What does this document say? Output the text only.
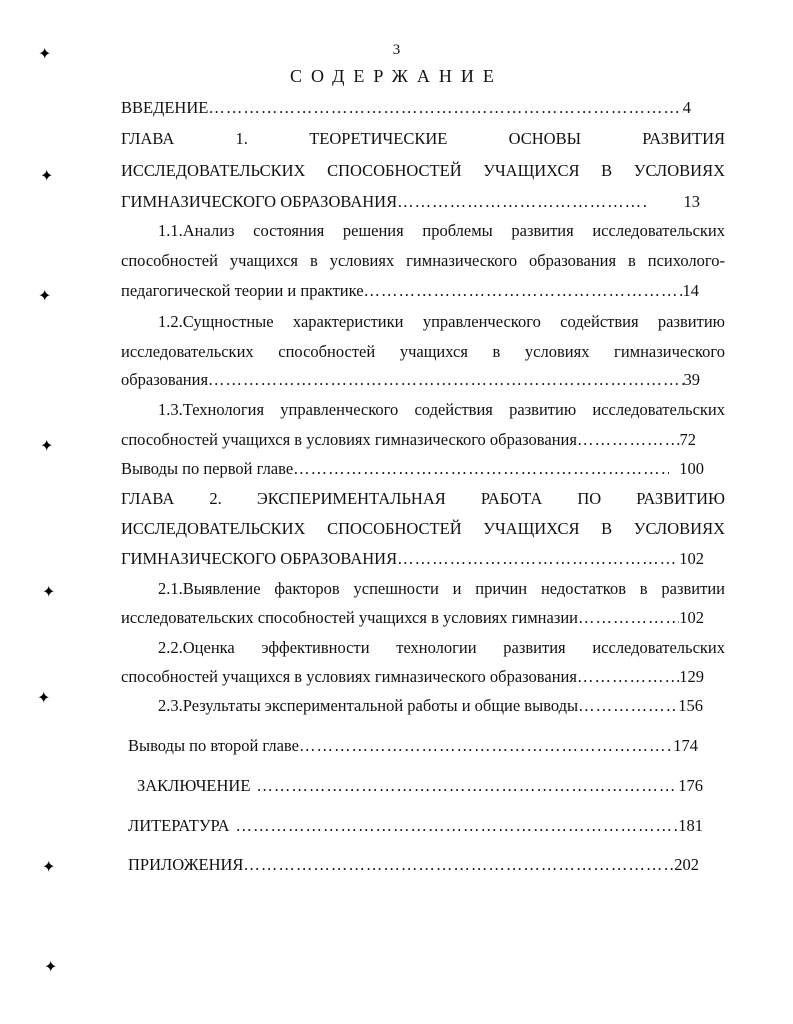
3
СОДЕРЖАНИЕ
ВВЕДЕНИЕ ……………………………………………………………………………………………………………………………………………………	4
ГЛАВА 1. ТЕОРЕТИЧЕСКИЕ ОСНОВЫ РАЗВИТИЯ
ИССЛЕДОВАТЕЛЬСКИХ СПОСОБНОСТЕЙ УЧАЩИХСЯ В УСЛОВИЯХ
ГИМНАЗИЧЕСКОГО ОБРАЗОВАНИЯ ……………………………………………………………………………………………………………………………………………………	13
1.1.Анализ состояния решения проблемы развития исследовательских
способностей учащихся в условиях гимназического образования в психолого-
педагогической теории и практике ……………………………………………………………………………………………………………………………………………………	14
1.2.Сущностные характеристики управленческого содействия развитию
исследовательских способностей учащихся в условиях гимназического
образования ……………………………………………………………………………………………………………………………………………………	39
1.3.Технология управленческого содействия развитию исследовательских
способностей учащихся в условиях гимназического образования ……………………………………………………………………………………………………………………………………………………	72
Выводы по первой главе ……………………………………………………………………………………………………………………………………………………	100
ГЛАВА 2. ЭКСПЕРИМЕНТАЛЬНАЯ РАБОТА ПО РАЗВИТИЮ
ИССЛЕДОВАТЕЛЬСКИХ СПОСОБНОСТЕЙ УЧАЩИХСЯ В УСЛОВИЯХ
ГИМНАЗИЧЕСКОГО ОБРАЗОВАНИЯ ……………………………………………………………………………………………………………………………………………………	102
2.1.Выявление факторов успешности и причин недостатков в развитии
исследовательских способностей учащихся в условиях гимназии ……………………………………………………………………………………………………………………………………………………	102
2.2.Оценка эффективности технологии развития исследовательских
способностей учащихся в условиях гимназического образования ……………………………………………………………………………………………………………………………………………………	129
2.3.Результаты экспериментальной работы и общие выводы ……………………………………………………………………………………………………………………………………………………	156
Выводы по второй главе ……………………………………………………………………………………………………………………………………………………	174
ЗАКЛЮЧЕНИЕ ……………………………………………………………………………………………………………………………………………………	176
ЛИТЕРАТУРА ……………………………………………………………………………………………………………………………………………………	181
ПРИЛОЖЕНИЯ ……………………………………………………………………………………………………………………………………………………	202
✦
✦
✦
✦
✦
✦
✦
✦
